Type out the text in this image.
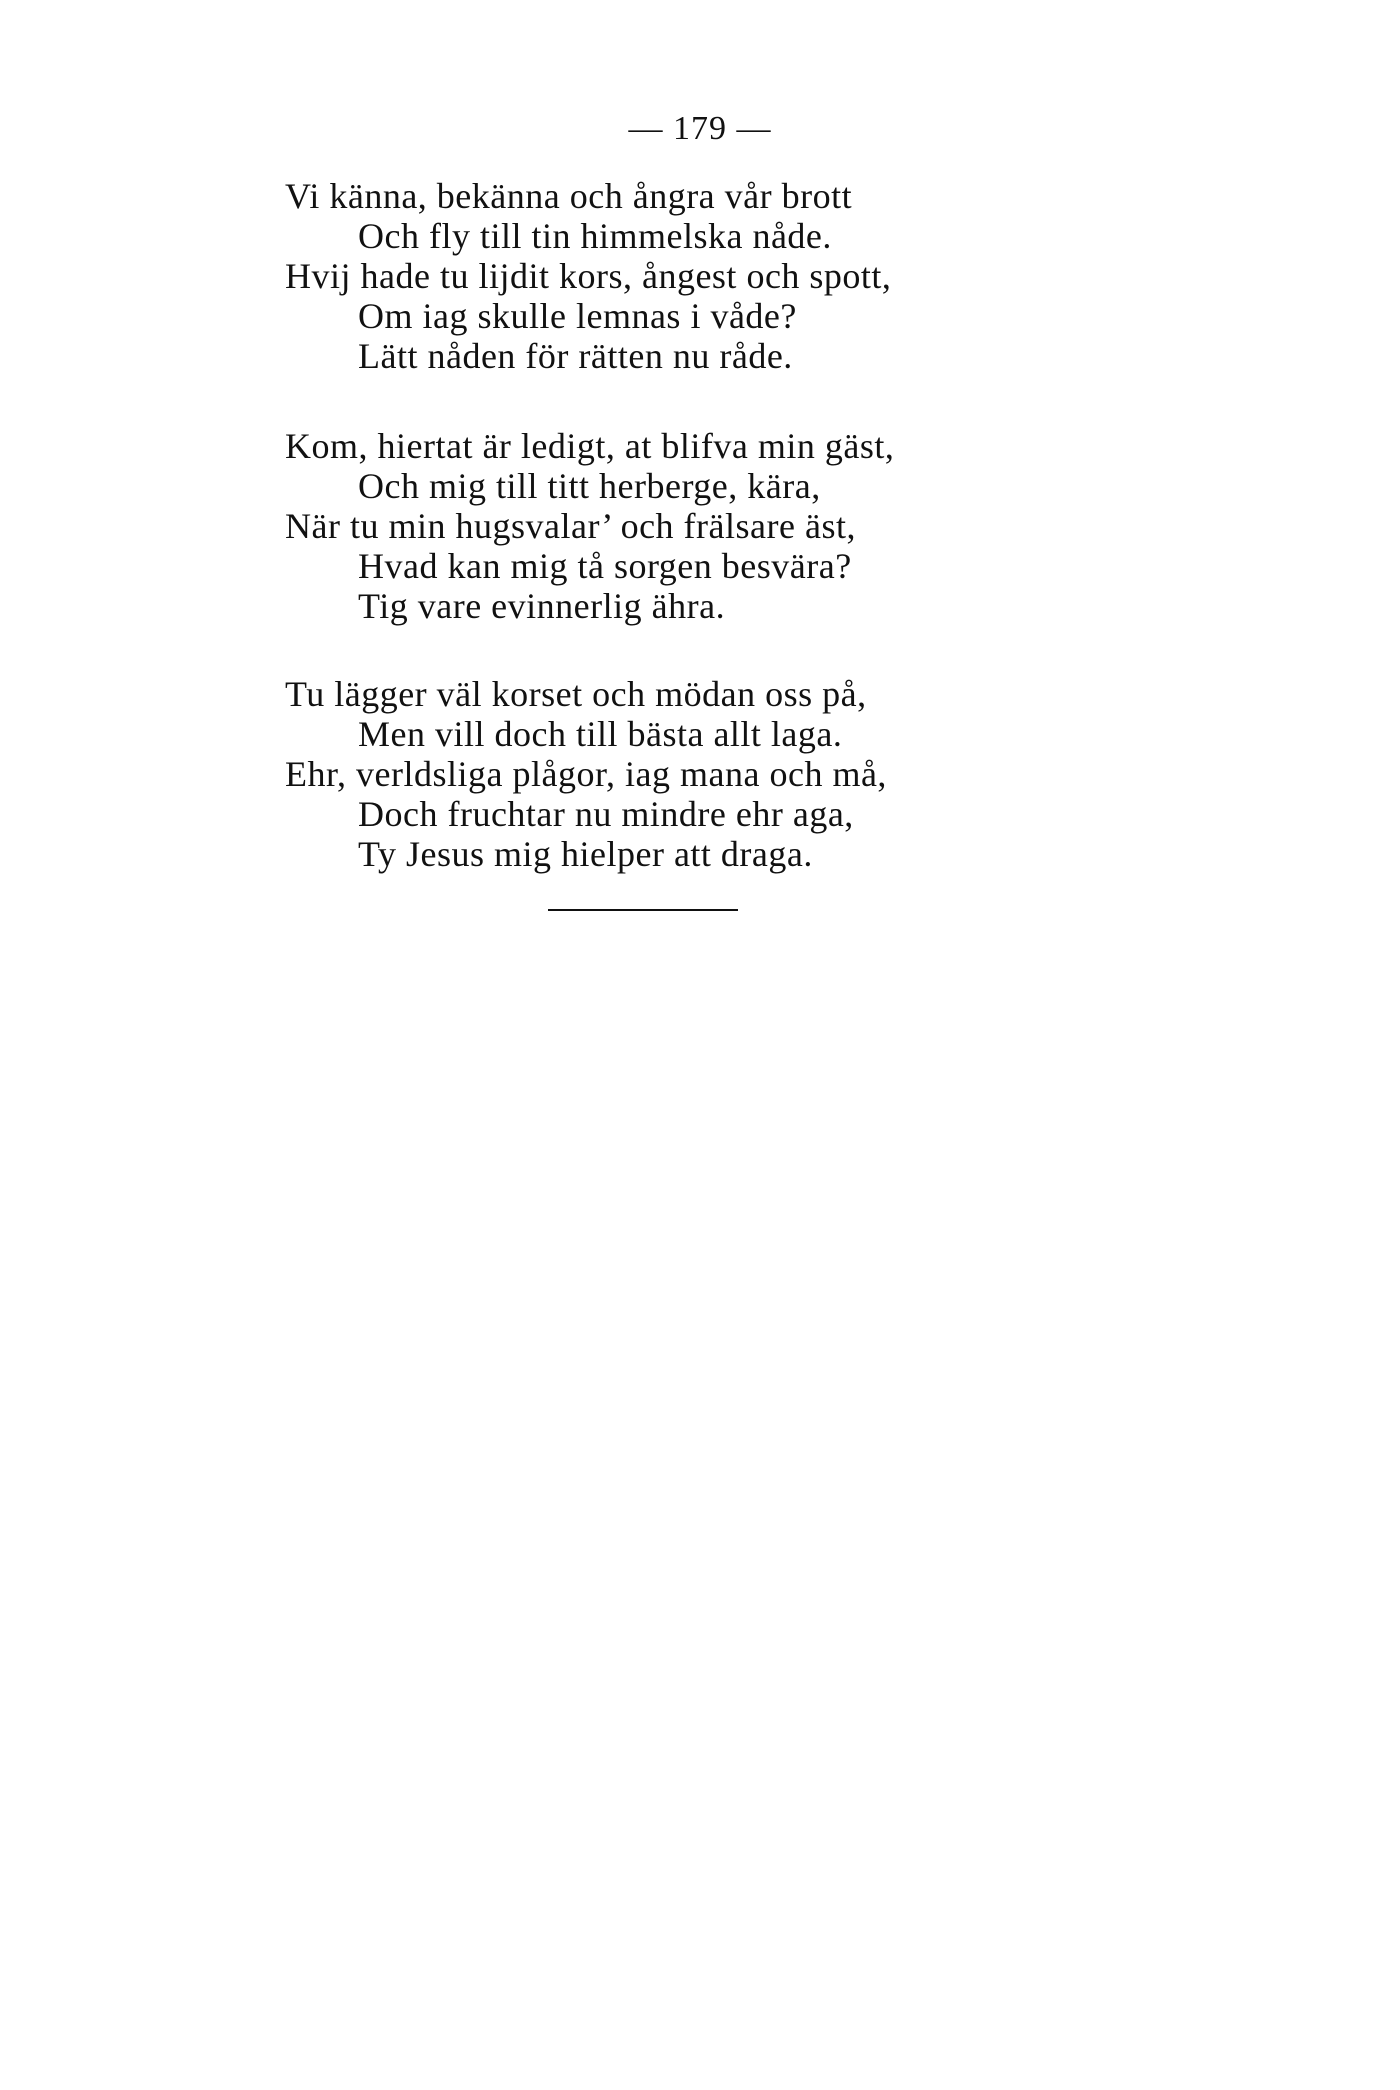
— 179 —
Vi känna, bekänna och ångra vår brott
Och fly till tin himmelska nåde.
Hvij hade tu lijdit kors, ångest och spott,
Om iag skulle lemnas i våde?
Lätt nåden för rätten nu råde.
Kom, hiertat är ledigt, at blifva min gäst,
Och mig till titt herberge, kära,
När tu min hugsvalar’ och frälsare äst,
Hvad kan mig tå sorgen besvära?
Tig vare evinnerlig ähra.
Tu lägger väl korset och mödan oss på,
Men vill doch till bästa allt laga.
Ehr, verldsliga plågor, iag mana och må,
Doch fruchtar nu mindre ehr aga,
Ty Jesus mig hielper att draga.
